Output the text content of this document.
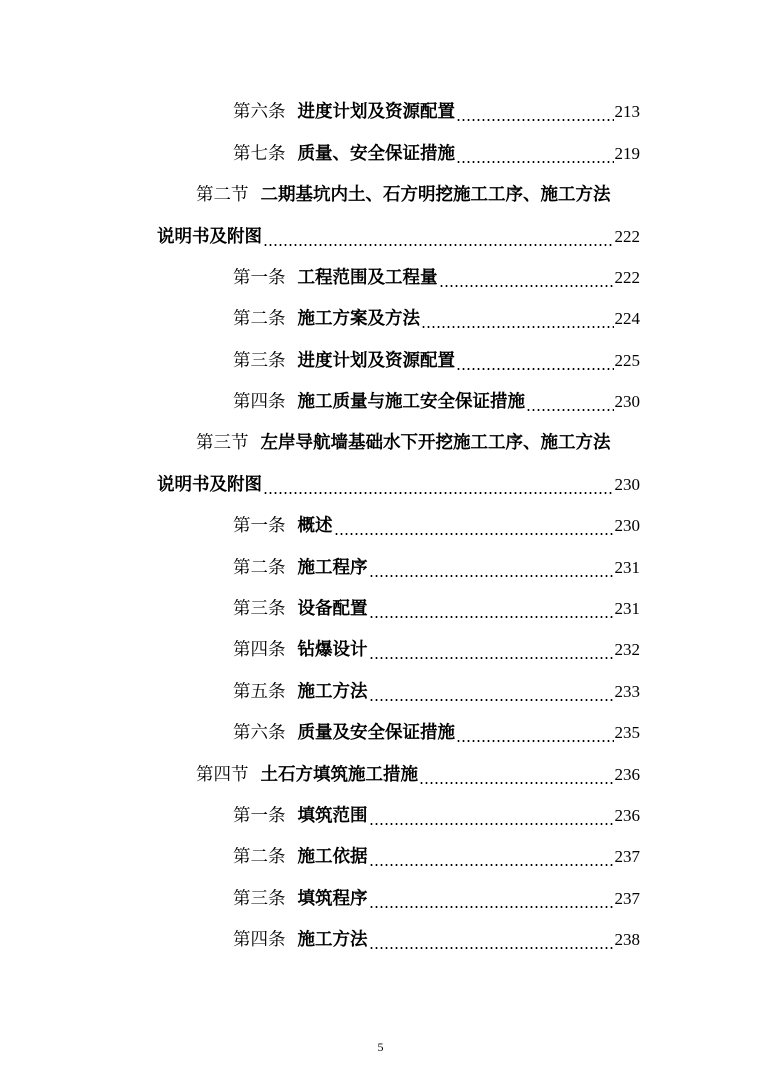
第六条 进度计划及资源配置	213
第七条 质量、安全保证措施	219
第二节 二期基坑内土、石方明挖施工工序、施工方法
说明书及附图	222
第一条 工程范围及工程量	222
第二条 施工方案及方法	224
第三条 进度计划及资源配置	225
第四条 施工质量与施工安全保证措施	230
第三节 左岸导航墙基础水下开挖施工工序、施工方法
说明书及附图	230
第一条 概述	230
第二条 施工程序	231
第三条 设备配置	231
第四条 钻爆设计	232
第五条 施工方法	233
第六条 质量及安全保证措施	235
第四节 土石方填筑施工措施	236
第一条 填筑范围	236
第二条 施工依据	237
第三条 填筑程序	237
第四条 施工方法	238
5
